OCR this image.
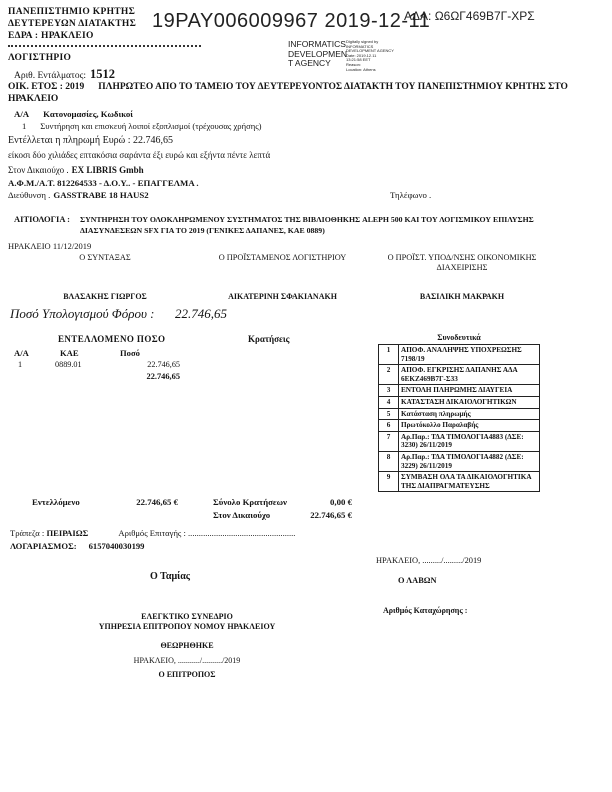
ΠΑΝΕΠΙΣΤΗΜΙΟ ΚΡΗΤΗΣ
ΔΕΥΤΕΡΕΥΩΝ ΔΙΑΤΑΚΤΗΣ
ΕΔΡΑ : ΗΡΑΚΛΕΙΟ
ΛΟΓΙΣΤΗΡΙΟ
19PAY006009967 2019-12-11
ΑΔΑ: Ω6ΩΓ469Β7Γ-ΧΡΣ
INFORMATICS
DEVELOPMEN
T AGENCY
Digitally signed by
INFORMATICS
DEVELOPMENT AGENCY
Date: 2019.12.11
13:21:58 EET
Reason:
Location: Athens
Αριθ. Εντάλματος: 1512
ΟΙΚ. ΕΤΟΣ : 2019 ΠΛΗΡΩΤΕΟ ΑΠΟ ΤΟ ΤΑΜΕΙΟ ΤΟΥ ΔΕΥΤΕΡΕΥΟΝΤΟΣ ΔΙΑΤΑΚΤΗ ΤΟΥ ΠΑΝΕΠΙΣΤΗΜΙΟΥ ΚΡΗΤΗΣ ΣΤΟ ΗΡΑΚΛΕΙΟ
Α/Α Κατονομασίες, Κωδικοί
1 Συντήρηση και επισκευή λοιποί εξοπλισμοί (τρέχουσας χρήσης)
Εντέλλεται η πληρωμή Ευρώ : 22.746,65
είκοσι δύο χιλιάδες επτακόσια σαράντα έξι ευρώ και εξήντα πέντε λεπτά
Στον Δικαιούχο . EX LIBRIS Gmbh
Α.Φ.Μ./Α.Τ. 812264533 - Δ.Ο.Υ.. - ΕΠΑΓΓΕΛΜΑ .
Διεύθυνση . GASSTRABE 18 HAUS2	Τηλέφωνο .
ΑΙΤΙΟΛΟΓΙΑ : ΣΥΝΤΗΡΗΣΗ ΤΟΥ ΟΛΟΚΛΗΡΩΜΕΝΟΥ ΣΥΣΤΗΜΑΤΟΣ ΤΗΣ ΒΙΒΛΙΟΘΗΚΗΣ ALEPH 500 ΚΑΙ ΤΟΥ ΛΟΓΙΣΜΙΚΟΥ ΕΠΙΛΥΣΗΣ ΔΙΑΣΥΝΔΕΣΕΩΝ SFX ΓΙΑ ΤΟ 2019 (ΓΕΝΙΚΕΣ ΔΑΠΑΝΕΣ, ΚΑΕ 0889)
ΗΡΑΚΛΕΙΟ 11/12/2019
Ο ΣΥΝΤΑΞΑΣ	Ο ΠΡΟΪΣΤΑΜΕΝΟΣ ΛΟΓΙΣΤΗΡΙΟΥ	Ο ΠΡΟΪΣΤ. ΥΠΟΔ/ΝΣΗΣ ΟΙΚΟΝΟΜΙΚΗΣ ΔΙΑΧΕΙΡΙΣΗΣ
ΒΛΑΣΑΚΗΣ ΓΙΩΡΓΟΣ	ΑΙΚΑΤΕΡΙΝΗ ΣΦΑΚΙΑΝΑΚΗ	ΒΑΣΙΛΙΚΗ ΜΑΚΡΑΚΗ
Ποσό Υπολογισμού Φόρου : 22.746,65
ΕΝΤΕΛΛΟΜΕΝΟ ΠΟΣΟ	Κρατήσεις
Α/Α	ΚΑΕ	Ποσό
1	0889.01	22.746,65
22.746,65
Συνοδευτικά
1	ΑΠΟΦ. ΑΝΑΛΗΨΗΣ ΥΠΟΧΡΕΩΣΗΣ 7198/19
2	ΑΠΟΦ. ΕΓΚΡΙΣΗΣ ΔΑΠΑΝΗΣ ΑΔΑ 6ΕΚΖ469Β7Γ-Σ33
3	ΕΝΤΟΛΗ ΠΛΗΡΩΜΗΣ ΔΙΑΥΓΕΙΑ
4	ΚΑΤΑΣΤΑΣΗ ΔΙΚΑΙΟΛΟΓΗΤΙΚΩΝ
5	Κατάσταση πληρωμής
6	Πρωτόκολλο Παραλαβής
7	Αρ.Παρ.: ΤΔΑ ΤΙΜΟΛΟΓΙΑ4883 (ΔΣΕ: 3230) 26/11/2019
8	Αρ.Παρ.: ΤΔΑ ΤΙΜΟΛΟΓΙΑ4882 (ΔΣΕ: 3229) 26/11/2019
9	ΣΥΜΒΑΣΗ ΟΛΑ ΤΑ ΔΙΚΑΙΟΛΟΓΗΤΙΚΑ ΤΗΣ ΔΙΑΠΡΑΓΜΑΤΕΥΣΗΣ
Εντελλόμενο	22.746,65 €	Σύνολο Κρατήσεων	0,00 €
Στον Δικαιούχο	22.746,65 €
Τράπεζα : ΠΕΙΡΑΙΩΣ	Αριθμός Επιταγής : ..................................................
ΛΟΓΑΡΙΑΣΜΟΣ: 6157040030199
ΗΡΑΚΛΕΙΟ, ........./........./2019
Ο Ταμίας	Ο ΛΑΒΩΝ
Αριθμός Καταχώρησης :
ΕΛΕΓΚΤΙΚΟ ΣΥΝΕΔΡΙΟ
ΥΠΗΡΕΣΙΑ ΕΠΙΤΡΟΠΟΥ ΝΟΜΟΥ ΗΡΑΚΛΕΙΟΥ
ΘΕΩΡΗΘΗΚΕ
ΗΡΑΚΛΕΙΟ, .........../........../2019
Ο ΕΠΙΤΡΟΠΟΣ
